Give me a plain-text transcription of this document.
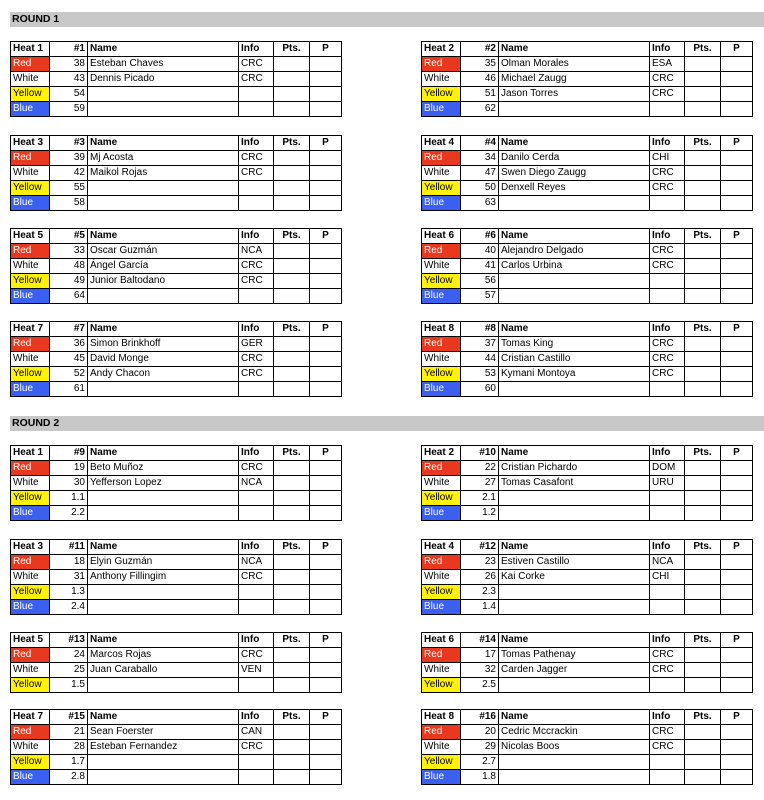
ROUND 1
ROUND 2
Heat 1	#1	Name	Info	Pts.	P
Red	38	Esteban Chaves	CRC		
White	43	Dennis Picado	CRC		
Yellow	54				
Blue	59				
Heat 2	#2	Name	Info	Pts.	P
Red	35	Olman Morales	ESA		
White	46	Michael Zaugg	CRC		
Yellow	51	Jason Torres	CRC		
Blue	62				
Heat 3	#3	Name	Info	Pts.	P
Red	39	Mj Acosta	CRC		
White	42	Maikol Rojas	CRC		
Yellow	55				
Blue	58				
Heat 4	#4	Name	Info	Pts.	P
Red	34	Danilo Cerda	CHI		
White	47	Swen Diego Zaugg	CRC		
Yellow	50	Denxell Reyes	CRC		
Blue	63				
Heat 5	#5	Name	Info	Pts.	P
Red	33	Oscar Guzmán	NCA		
White	48	Ángel García	CRC		
Yellow	49	Junior Baltodano	CRC		
Blue	64				
Heat 6	#6	Name	Info	Pts.	P
Red	40	Alejandro Delgado	CRC		
White	41	Carlos Urbina	CRC		
Yellow	56				
Blue	57				
Heat 7	#7	Name	Info	Pts.	P
Red	36	Simon Brinkhoff	GER		
White	45	David Monge	CRC		
Yellow	52	Andy Chacon	CRC		
Blue	61				
Heat 8	#8	Name	Info	Pts.	P
Red	37	Tomas King	CRC		
White	44	Cristian Castillo	CRC		
Yellow	53	Kymani Montoya	CRC		
Blue	60				
Heat 1	#9	Name	Info	Pts.	P
Red	19	Beto Muñoz	CRC		
White	30	Yefferson Lopez	NCA		
Yellow	1.1				
Blue	2.2				
Heat 2	#10	Name	Info	Pts.	P
Red	22	Cristian Pichardo	DOM		
White	27	Tomas Casafont	URU		
Yellow	2.1				
Blue	1.2				
Heat 3	#11	Name	Info	Pts.	P
Red	18	Elyin Guzmán	NCA		
White	31	Anthony Fillingim	CRC		
Yellow	1.3				
Blue	2.4				
Heat 4	#12	Name	Info	Pts.	P
Red	23	Estiven Castillo	NCA		
White	26	Kai Corke	CHI		
Yellow	2.3				
Blue	1.4				
Heat 5	#13	Name	Info	Pts.	P
Red	24	Marcos Rojas	CRC		
White	25	Juan Caraballo	VEN		
Yellow	1.5				
Heat 6	#14	Name	Info	Pts.	P
Red	17	Tomas Pathenay	CRC		
White	32	Carden Jagger	CRC		
Yellow	2.5				
Heat 7	#15	Name	Info	Pts.	P
Red	21	Sean Foerster	CAN		
White	28	Esteban Fernandez	CRC		
Yellow	1.7				
Blue	2.8				
Heat 8	#16	Name	Info	Pts.	P
Red	20	Cedric Mccrackin	CRC		
White	29	Nicolas Boos	CRC		
Yellow	2.7				
Blue	1.8				
